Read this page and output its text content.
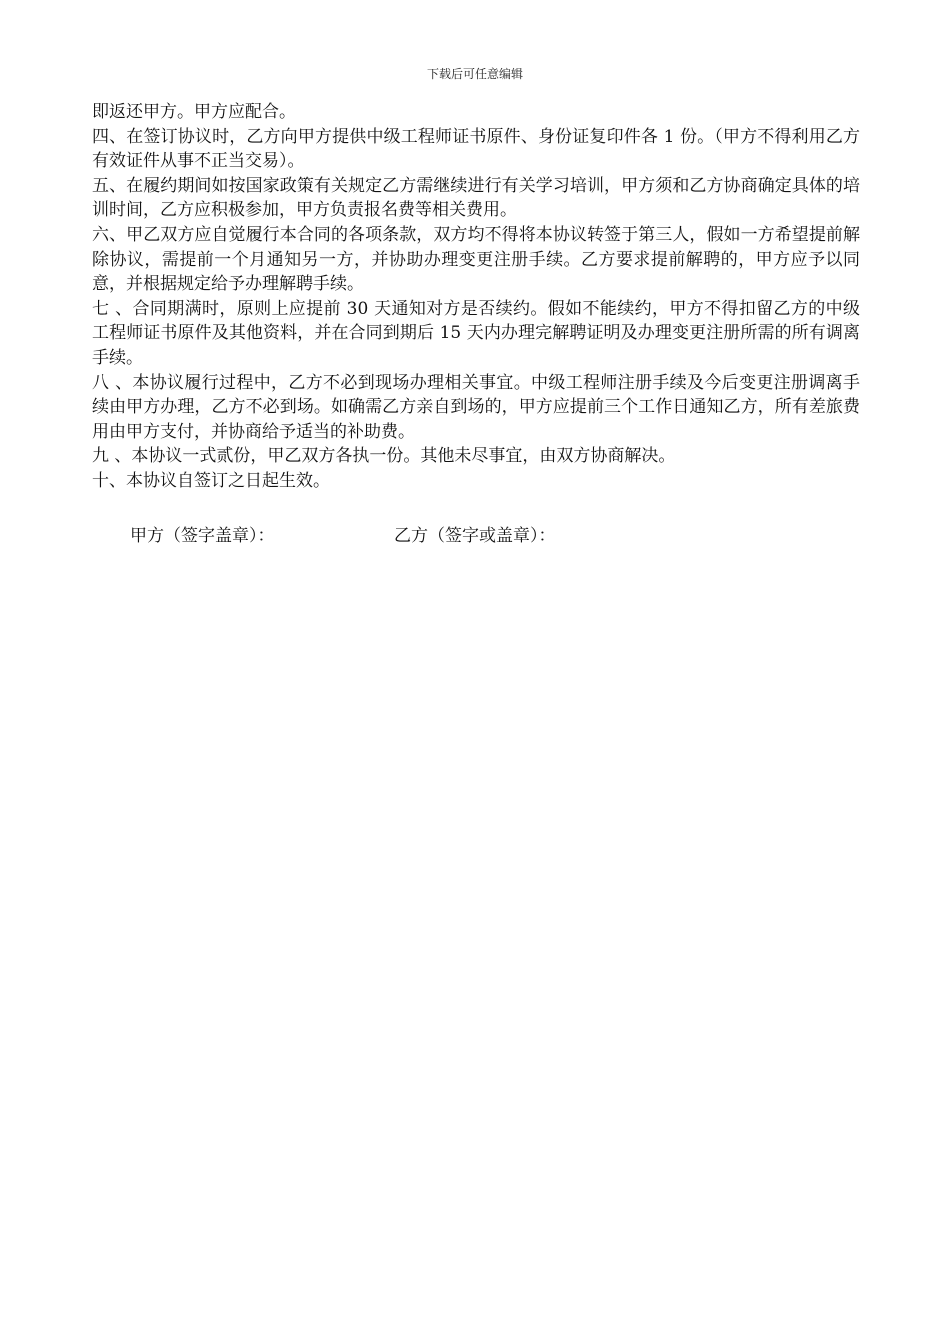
下载后可任意编辑

即返还甲方。甲方应配合。

四、在签订协议时，乙方向甲方提供中级工程师证书原件、身份证复印件各 1 份。（甲方不得利用乙方有效证件从事不正当交易）。

五、在履约期间如按国家政策有关规定乙方需继续进行有关学习培训，甲方须和乙方协商确定具体的培训时间，乙方应积极参加，甲方负责报名费等相关费用。

六、甲乙双方应自觉履行本合同的各项条款，双方均不得将本协议转签于第三人，假如一方希望提前解除协议，需提前一个月通知另一方，并协助办理变更注册手续。乙方要求提前解聘的，甲方应予以同意，并根据规定给予办理解聘手续。

七 、合同期满时，原则上应提前 30 天通知对方是否续约。假如不能续约，甲方不得扣留乙方的中级工程师证书原件及其他资料，并在合同到期后 15 天内办理完解聘证明及办理变更注册所需的所有调离手续。

八 、本协议履行过程中，乙方不必到现场办理相关事宜。中级工程师注册手续及今后变更注册调离手续由甲方办理，乙方不必到场。如确需乙方亲自到场的，甲方应提前三个工作日通知乙方，所有差旅费用由甲方支付，并协商给予适当的补助费。

九 、本协议一式贰份，甲乙双方各执一份。其他未尽事宜，由双方协商解决。

十、本协议自签订之日起生效。

甲方（签字盖章）：	乙方（签字或盖章）：
